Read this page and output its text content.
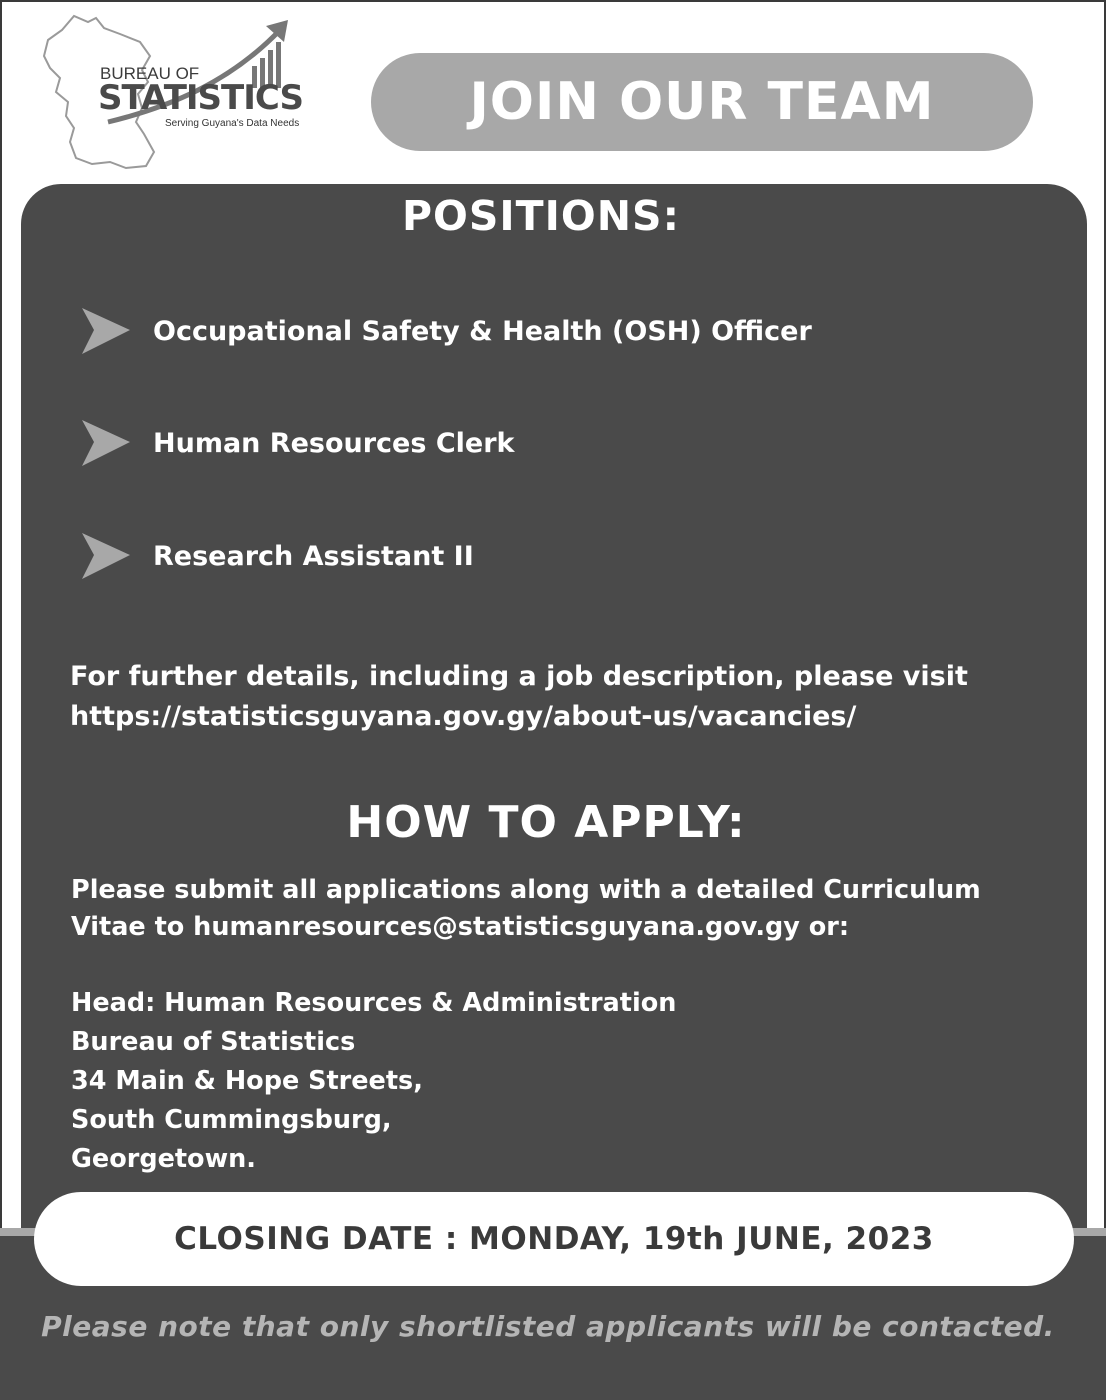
BUREAU OF
STATISTICS
Serving Guyana's Data Needs	JOIN OUR TEAM
POSITIONS:
Occupational Safety & Health (OSH) Officer
Human Resources Clerk
Research Assistant II

For further details, including a job description, please visit

https://statisticsguyana.gov.gy/about-us/vacancies/

HOW TO APPLY:

Please submit all applications along with a detailed Curriculum

Vitae to humanresources@statisticsguyana.gov.gy or:

Head: Human Resources & Administration

Bureau of Statistics

34 Main & Hope Streets,

South Cummingsburg,

Georgetown.

CLOSING DATE : MONDAY, 19th JUNE, 2023
Please note that only shortlisted applicants will be contacted.
